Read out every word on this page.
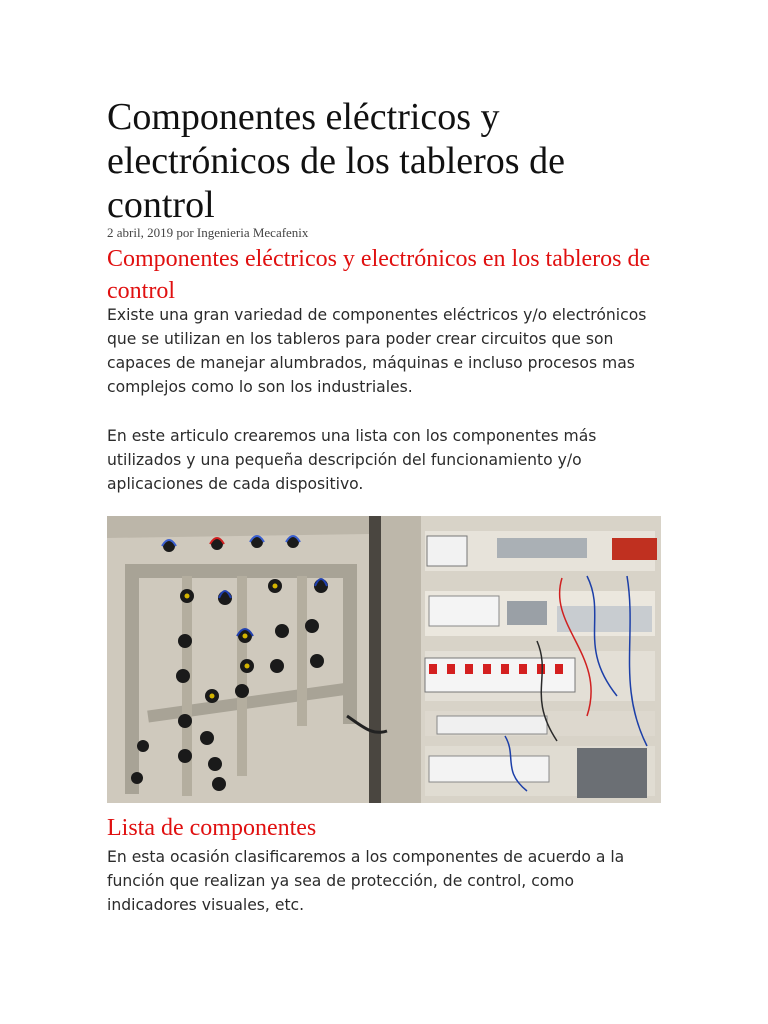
Componentes eléctricos y electrónicos de los tableros de control
2 abril, 2019 por Ingenieria Mecafenix
Componentes eléctricos y electrónicos en los tableros de control

Existe una gran variedad de componentes eléctricos y/o electrónicos que se utilizan en los tableros para poder crear circuitos que son capaces de manejar alumbrados, máquinas e incluso procesos mas complejos como lo son los industriales.

En este articulo crearemos una lista con los componentes más utilizados y una pequeña descripción del funcionamiento y/o aplicaciones de cada dispositivo.

Lista de componentes

En esta ocasión clasificaremos a los componentes de acuerdo a la función que realizan ya sea de protección, de control, como indicadores visuales, etc.
